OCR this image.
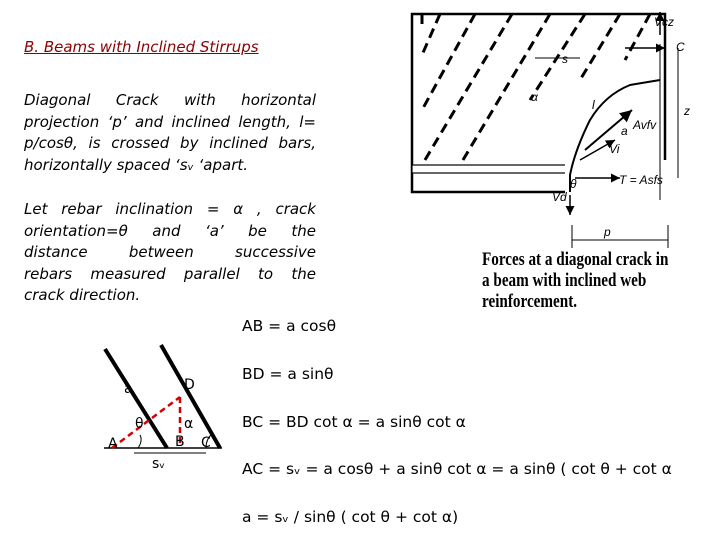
B. Beams with Inclined Stirrups
Diagonal Crack with horizontal
projection ‘p’ and inclined length, l=
p/cosθ, is crossed by inclined bars,
horizontally spaced ‘sᵥ ‘apart.
Let rebar inclination = α , crack
orientation=θ and ‘a’ be the
distance between successive
rebars measured parallel to the
crack direction.
AB = a cosθ
BD = a sinθ
BC = BD cot α = a sinθ cot α
AC = sᵥ = a cosθ + a sinθ cot α = a sinθ ( cot θ + cot α
a = sᵥ / sinθ ( cot θ + cot α)
a	D
A	B C
θ	α
sᵥ
Vcz
C
s
α
l	z
a Avfv
Vi
θ	T = Asfs
Vd
p
Forces at a diagonal crack in
a beam with inclined web
reinforcement.
